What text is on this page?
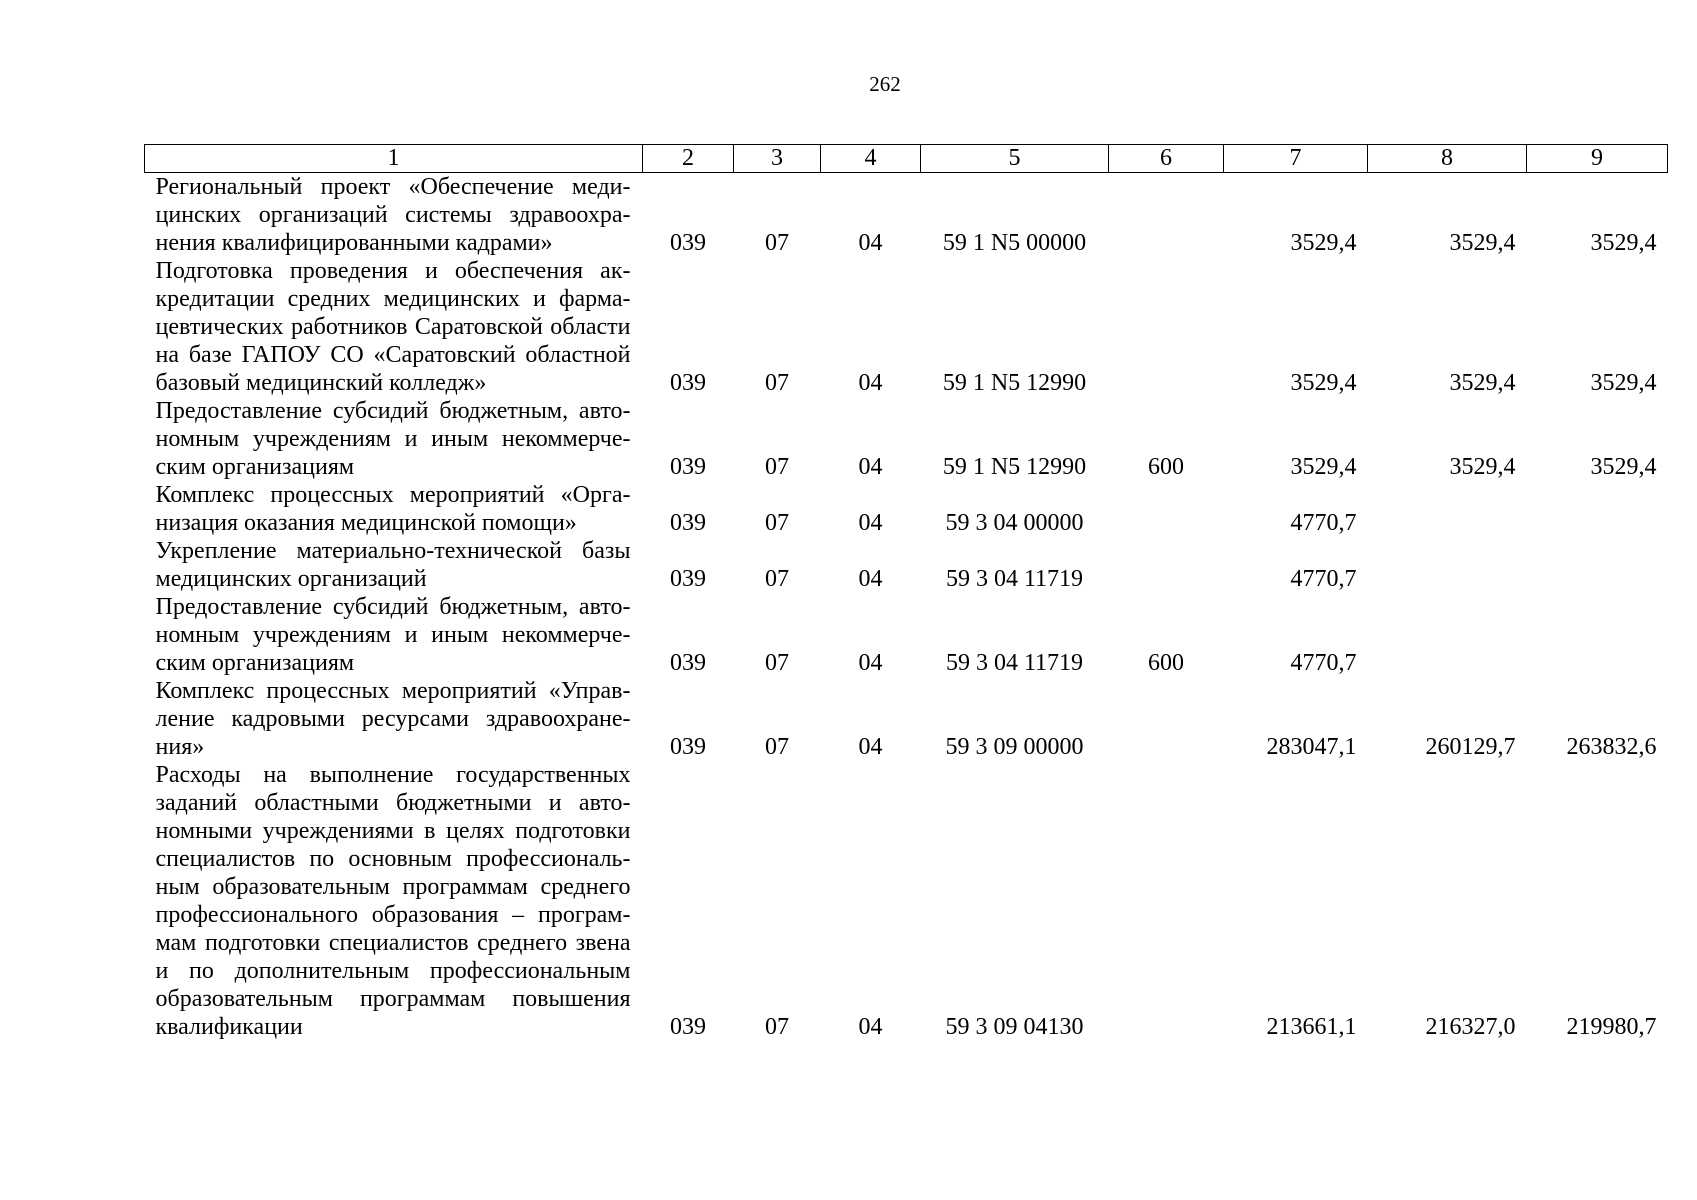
262
1	2	3	4	5	6	7	8	9
Региональный проект «Обеспечение медицинских организаций системы здравоохранения квалифицированными кадрами»	039	07	04	59 1 N5 00000		3529,4	3529,4	3529,4
Подготовка проведения и обеспечения аккредитации средних медицинских и фармацевтических работников Саратовской области на базе ГАПОУ СО «Саратовский областной базовый медицинский колледж»	039	07	04	59 1 N5 12990		3529,4	3529,4	3529,4
Предоставление субсидий бюджетным, автономным учреждениям и иным некоммерческим организациям	039	07	04	59 1 N5 12990	600	3529,4	3529,4	3529,4
Комплекс процессных мероприятий «Организация оказания медицинской помощи»	039	07	04	59 3 04 00000		4770,7		
Укрепление материально-технической базы медицинских организаций	039	07	04	59 3 04 11719		4770,7		
Предоставление субсидий бюджетным, автономным учреждениям и иным некоммерческим организациям	039	07	04	59 3 04 11719	600	4770,7		
Комплекс процессных мероприятий «Управление кадровыми ресурсами здравоохранения»	039	07	04	59 3 09 00000		283047,1	260129,7	263832,6
Расходы на выполнение государственных заданий областными бюджетными и автономными учреждениями в целях подготовки специалистов по основным профессиональным образовательным программам среднего профессионального образования – программам подготовки специалистов среднего звена и по дополнительным профессиональным образовательным программам повышения квалификации	039	07	04	59 3 09 04130		213661,1	216327,0	219980,7
